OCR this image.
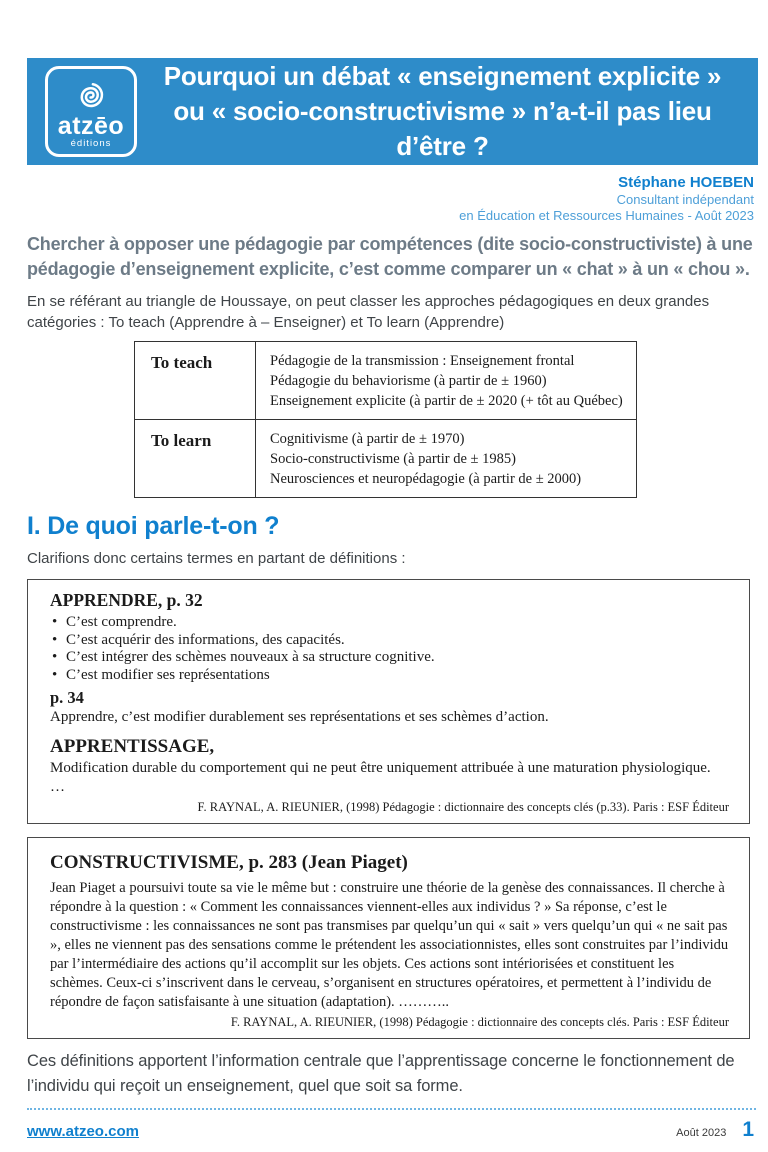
atzēo
éditions
Pourquoi un débat « enseignement explicite »
ou « socio-constructivisme » n’a-t-il pas lieu d’être ?
Stéphane HOEBEN
Consultant indépendant
en Éducation et Ressources Humaines - Août 2023

Chercher à opposer une pédagogie par compétences (dite socio-constructiviste) à une pédagogie d’enseignement explicite, c’est comme comparer un « chat » à un « chou ».

En se référant au triangle de Houssaye, on peut classer les approches pédagogiques en deux grandes catégories : To teach (Apprendre à – Enseigner) et To learn (Apprendre)

To teach	Pédagogie de la transmission : Enseignement frontal
Pédagogie du behaviorisme (à partir de ± 1960)
Enseignement explicite (à partir de ± 2020 (+ tôt au Québec)

To learn	Cognitivisme (à partir de ± 1970)
Socio-constructivisme (à partir de ± 1985)
Neurosciences et neuropédagogie (à partir de ± 2000)
I. De quoi parle-t-on ?

Clarifions donc certains termes en partant de définitions :

APPRENDRE, p. 32
• C’est comprendre.
• C’est acquérir des informations, des capacités.
• C’est intégrer des schèmes nouveaux à sa structure cognitive.
• C’est modifier ses représentations
p. 34
Apprendre, c’est modifier durablement ses représentations et ses schèmes d’action.
APPRENTISSAGE,
Modification durable du comportement qui ne peut être uniquement attribuée à une maturation physiologique. …
F. RAYNAL, A. RIEUNIER, (1998) Pédagogie : dictionnaire des concepts clés (p.33). Paris : ESF Éditeur
CONSTRUCTIVISME, p. 283 (Jean Piaget)

Jean Piaget a poursuivi toute sa vie le même but : construire une théorie de la genèse des connaissances. Il cherche à répondre à la question : « Comment les connaissances viennent-elles aux individus ? » Sa réponse, c’est le constructivisme : les connaissances ne sont pas transmises par quelqu’un qui « sait » vers quelqu’un qui « ne sait pas », elles ne viennent pas des sensations comme le prétendent les associationnistes, elles sont construites par l’individu par l’intermédiaire des actions qu’il accomplit sur les objets. Ces actions sont intériorisées et constituent les schèmes. Ceux-ci s’inscrivent dans le cerveau, s’organisent en structures opératoires, et permettent à l’individu de répondre de façon satisfaisante à une situation (adaptation). ………..

F. RAYNAL, A. RIEUNIER, (1998) Pédagogie : dictionnaire des concepts clés. Paris : ESF Éditeur

Ces définitions apportent l’information centrale que l’apprentissage concerne le fonctionnement de l’individu qui reçoit un enseignement, quel que soit sa forme.

www.atzeo.com	Août 2023 1
